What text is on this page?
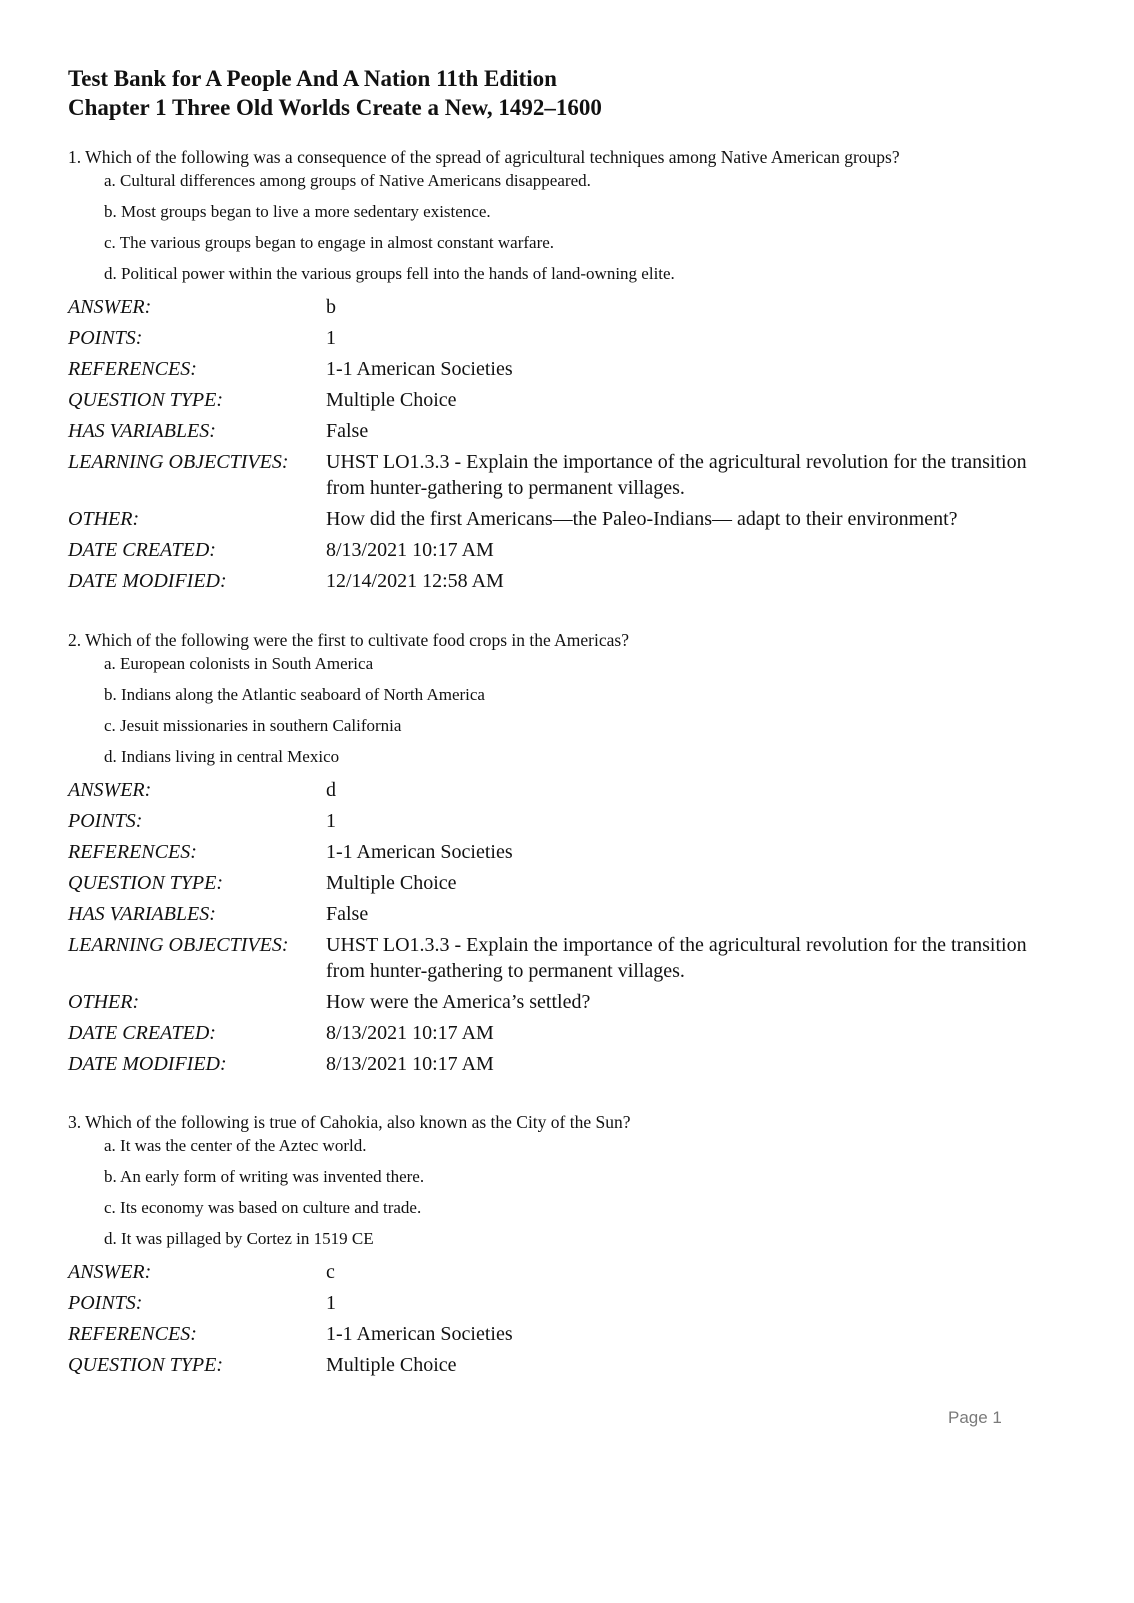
Test Bank for A People And A Nation 11th Edition
Chapter 1 Three Old Worlds Create a New, 1492–1600
1. Which of the following was a consequence of the spread of agricultural techniques among Native American groups?
a. Cultural differences among groups of Native Americans disappeared.
b. Most groups began to live a more sedentary existence.
c. The various groups began to engage in almost constant warfare.
d. Political power within the various groups fell into the hands of land-owning elite.
ANSWER:	b
POINTS:	1
REFERENCES:	1-1 American Societies
QUESTION TYPE:	Multiple Choice
HAS VARIABLES:	False
LEARNING OBJECTIVES:	UHST LO1.3.3 - Explain the importance of the agricultural revolution for the transition from hunter-gathering to permanent villages.
OTHER:	How did the first Americans—the Paleo-Indians— adapt to their environment?
DATE CREATED:	8/13/2021 10:17 AM
DATE MODIFIED:	12/14/2021 12:58 AM
2. Which of the following were the first to cultivate food crops in the Americas?
a. European colonists in South America
b. Indians along the Atlantic seaboard of North America
c. Jesuit missionaries in southern California
d. Indians living in central Mexico
ANSWER:	d
POINTS:	1
REFERENCES:	1-1 American Societies
QUESTION TYPE:	Multiple Choice
HAS VARIABLES:	False
LEARNING OBJECTIVES:	UHST LO1.3.3 - Explain the importance of the agricultural revolution for the transition from hunter-gathering to permanent villages.
OTHER:	How were the America’s settled?
DATE CREATED:	8/13/2021 10:17 AM
DATE MODIFIED:	8/13/2021 10:17 AM
3. Which of the following is true of Cahokia, also known as the City of the Sun?
a. It was the center of the Aztec world.
b. An early form of writing was invented there.
c. Its economy was based on culture and trade.
d. It was pillaged by Cortez in 1519 CE
ANSWER:	c
POINTS:	1
REFERENCES:	1-1 American Societies
QUESTION TYPE:	Multiple Choice
Page 1
